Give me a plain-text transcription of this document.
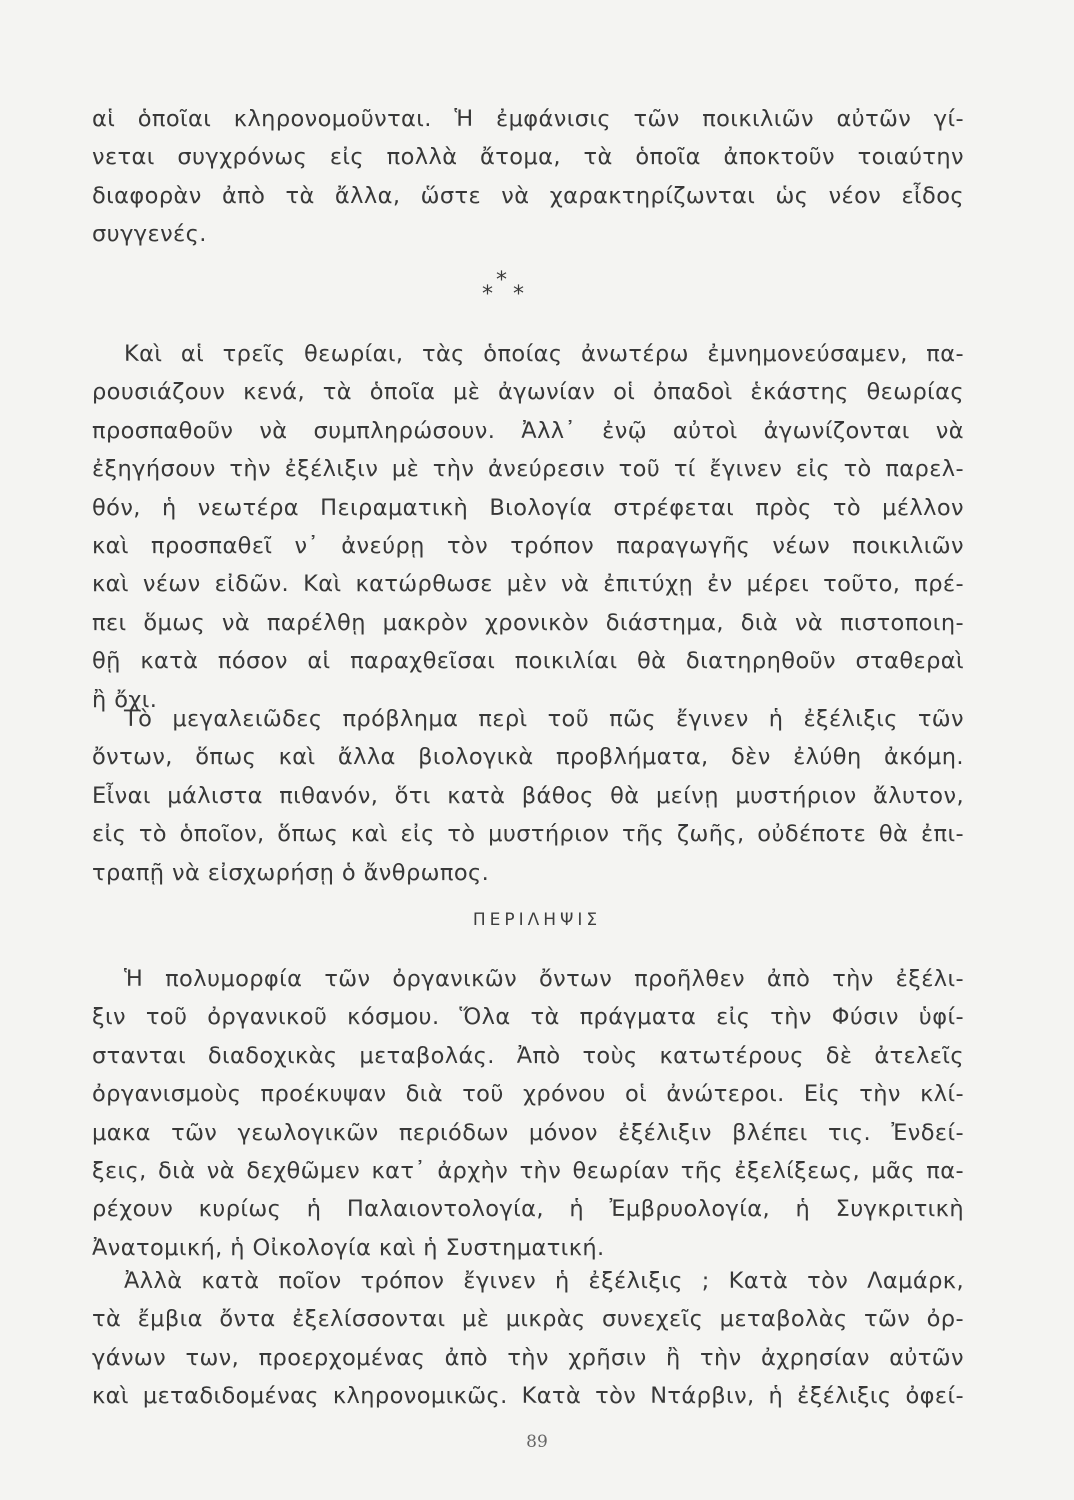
αἱ ὁποῖαι κληρονομοῦνται. Ἡ ἐμφάνισις τῶν ποικιλιῶν αὐτῶν γί-
νεται συγχρόνως εἰς πολλὰ ἄτομα, τὰ ὁποῖα ἀποκτοῦν τοιαύτην
διαφορὰν ἀπὸ τὰ ἄλλα, ὥστε νὰ χαρακτηρίζωνται ὡς νέον εἶδος
συγγενές.
*
* *
Καὶ αἱ τρεῖς θεωρίαι, τὰς ὁποίας ἀνωτέρω ἐμνημονεύσαμεν, πα-
ρουσιάζουν κενά, τὰ ὁποῖα μὲ ἀγωνίαν οἱ ὀπαδοὶ ἑκάστης θεωρίας
προσπαθοῦν νὰ συμπληρώσουν. Ἀλλ᾽ ἐνῷ αὐτοὶ ἀγωνίζονται νὰ
ἐξηγήσουν τὴν ἐξέλιξιν μὲ τὴν ἀνεύρεσιν τοῦ τί ἔγινεν εἰς τὸ παρελ-
θόν, ἡ νεωτέρα Πειραματικὴ Βιολογία στρέφεται πρὸς τὸ μέλλον
καὶ προσπαθεῖ ν᾽ ἀνεύρῃ τὸν τρόπον παραγωγῆς νέων ποικιλιῶν
καὶ νέων εἰδῶν. Καὶ κατώρθωσε μὲν νὰ ἐπιτύχῃ ἐν μέρει τοῦτο, πρέ-
πει ὅμως νὰ παρέλθῃ μακρὸν χρονικὸν διάστημα, διὰ νὰ πιστοποιη-
θῇ κατὰ πόσον αἱ παραχθεῖσαι ποικιλίαι θὰ διατηρηθοῦν σταθεραὶ
ἢ ὄχι.
Τὸ μεγαλειῶδες πρόβλημα περὶ τοῦ πῶς ἔγινεν ἡ ἐξέλιξις τῶν
ὄντων, ὅπως καὶ ἄλλα βιολογικὰ προβλήματα, δὲν ἐλύθη ἀκόμη.
Εἶναι μάλιστα πιθανόν, ὅτι κατὰ βάθος θὰ μείνῃ μυστήριον ἄλυτον,
εἰς τὸ ὁποῖον, ὅπως καὶ εἰς τὸ μυστήριον τῆς ζωῆς, οὐδέποτε θὰ ἐπι-
τραπῇ νὰ εἰσχωρήσῃ ὁ ἄνθρωπος.

ΠΕΡΙΛΗΨΙΣ

Ἡ πολυμορφία τῶν ὀργανικῶν ὄντων προῆλθεν ἀπὸ τὴν ἐξέλι-
ξιν τοῦ ὀργανικοῦ κόσμου. Ὅλα τὰ πράγματα εἰς τὴν Φύσιν ὑφί-
στανται διαδοχικὰς μεταβολάς. Ἀπὸ τοὺς κατωτέρους δὲ ἀτελεῖς
ὀργανισμοὺς προέκυψαν διὰ τοῦ χρόνου οἱ ἀνώτεροι. Εἰς τὴν κλί-
μακα τῶν γεωλογικῶν περιόδων μόνον ἐξέλιξιν βλέπει τις. Ἐνδεί-
ξεις, διὰ νὰ δεχθῶμεν κατ᾽ ἀρχὴν τὴν θεωρίαν τῆς ἐξελίξεως, μᾶς πα-
ρέχουν κυρίως ἡ Παλαιοντολογία, ἡ Ἐμβρυολογία, ἡ Συγκριτικὴ
Ἀνατομική, ἡ Οἰκολογία καὶ ἡ Συστηματική.
Ἀλλὰ κατὰ ποῖον τρόπον ἔγινεν ἡ ἐξέλιξις ; Κατὰ τὸν Λαμάρκ,
τὰ ἔμβια ὄντα ἐξελίσσονται μὲ μικρὰς συνεχεῖς μεταβολὰς τῶν ὀρ-
γάνων των, προερχομένας ἀπὸ τὴν χρῆσιν ἢ τὴν ἀχρησίαν αὐτῶν
καὶ μεταδιδομένας κληρονομικῶς. Κατὰ τὸν Ντάρβιν, ἡ ἐξέλιξις ὀφεί-

89
